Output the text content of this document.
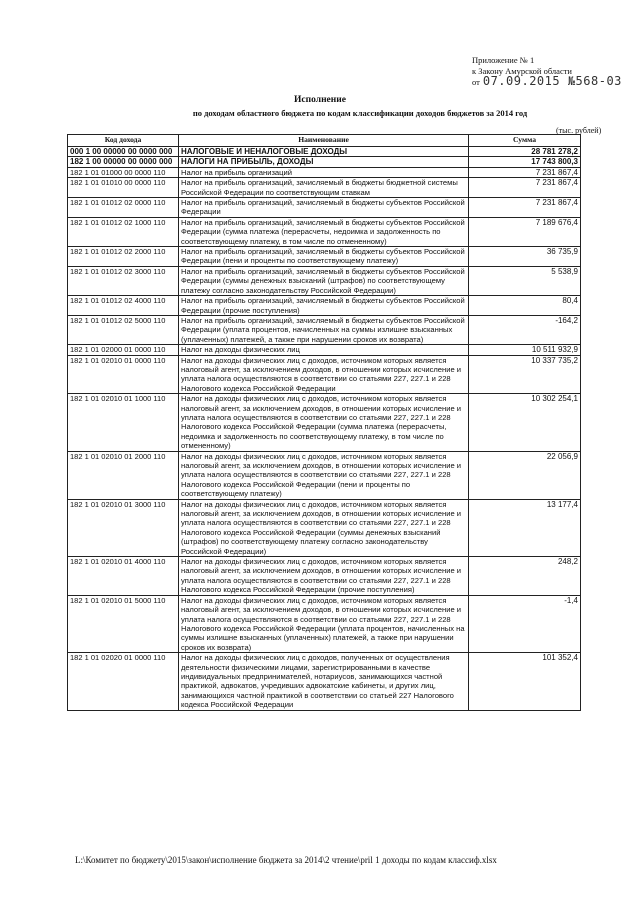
Приложение № 1
к Закону Амурской области
от 07.09.2015 №568-03
Исполнение
по доходам областного бюджета по кодам классификации доходов бюджетов за 2014 год
(тыс. рублей)
Код дохода	Наименование	Сумма
000 1 00 00000 00 0000 000	НАЛОГОВЫЕ И НЕНАЛОГОВЫЕ ДОХОДЫ	28 781 278,2
182 1 00 00000 00 0000 000	НАЛОГИ НА ПРИБЫЛЬ, ДОХОДЫ	17 743 800,3
182 1 01 01000 00 0000 110	Налог на прибыль организаций	7 231 867,4
182 1 01 01010 00 0000 110	Налог на прибыль организаций, зачисляемый в бюджеты бюджетной системы Российской Федерации по соответствующим ставкам	7 231 867,4
182 1 01 01012 02 0000 110	Налог на прибыль организаций, зачисляемый в бюджеты субъектов Российской Федерации	7 231 867,4
182 1 01 01012 02 1000 110	Налог на прибыль организаций, зачисляемый в бюджеты субъектов Российской Федерации (сумма платежа (перерасчеты, недоимка и задолженность по соответствующему платежу, в том числе по отмененному)	7 189 676,4
182 1 01 01012 02 2000 110	Налог на прибыль организаций, зачисляемый в бюджеты субъектов Российской Федерации (пени и проценты по соответствующему платежу)	36 735,9
182 1 01 01012 02 3000 110	Налог на прибыль организаций, зачисляемый в бюджеты субъектов Российской Федерации (суммы денежных взысканий (штрафов) по соответствующему платежу согласно законодательству Российской Федерации)	5 538,9
182 1 01 01012 02 4000 110	Налог на прибыль организаций, зачисляемый в бюджеты субъектов Российской Федерации (прочие поступления)	80,4
182 1 01 01012 02 5000 110	Налог на прибыль организаций, зачисляемый в бюджеты субъектов Российской Федерации (уплата процентов, начисленных на суммы излишне взысканных (уплаченных) платежей, а также при нарушении сроков их возврата)	-164,2
182 1 01 02000 01 0000 110	Налог на доходы физических лиц	10 511 932,9
182 1 01 02010 01 0000 110	Налог на доходы физических лиц с доходов, источником которых является налоговый агент, за исключением доходов, в отношении которых исчисление и уплата налога осуществляются в соответствии со статьями 227, 227.1 и 228 Налогового кодекса Российской Федерации	10 337 735,2
182 1 01 02010 01 1000 110	Налог на доходы физических лиц с доходов, источником которых является налоговый агент, за исключением доходов, в отношении которых исчисление и уплата налога осуществляются в соответствии со статьями 227, 227.1 и 228 Налогового кодекса Российской Федерации (сумма платежа (перерасчеты, недоимка и задолженность по соответствующему платежу, в том числе по отмененному)	10 302 254,1
182 1 01 02010 01 2000 110	Налог на доходы физических лиц с доходов, источником которых является налоговый агент, за исключением доходов, в отношении которых исчисление и уплата налога осуществляются в соответствии со статьями 227, 227.1 и 228 Налогового кодекса Российской Федерации (пени и проценты по соответствующему платежу)	22 056,9
182 1 01 02010 01 3000 110	Налог на доходы физических лиц с доходов, источником которых является налоговый агент, за исключением доходов, в отношении которых исчисление и уплата налога осуществляются в соответствии со статьями 227, 227.1 и 228 Налогового кодекса Российской Федерации (суммы денежных взысканий (штрафов) по соответствующему платежу согласно законодательству Российской Федерации)	13 177,4
182 1 01 02010 01 4000 110	Налог на доходы физических лиц с доходов, источником которых является налоговый агент, за исключением доходов, в отношении которых исчисление и уплата налога осуществляются в соответствии со статьями 227, 227.1 и 228 Налогового кодекса Российской Федерации (прочие поступления)	248,2
182 1 01 02010 01 5000 110	Налог на доходы физических лиц с доходов, источником которых является налоговый агент, за исключением доходов, в отношении которых исчисление и уплата налога осуществляются в соответствии со статьями 227, 227.1 и 228 Налогового кодекса Российской Федерации (уплата процентов, начисленных на суммы излишне взысканных (уплаченных) платежей, а также при нарушении сроков их возврата)	-1,4
182 1 01 02020 01 0000 110	Налог на доходы физических лиц с доходов, полученных от осуществления деятельности физическими лицами, зарегистрированными в качестве индивидуальных предпринимателей, нотариусов, занимающихся частной практикой, адвокатов, учредивших адвокатские кабинеты, и других лиц, занимающихся частной практикой в соответствии со статьей 227 Налогового кодекса Российской Федерации	101 352,4
L:\Комитет по бюджету\2015\закон\исполнение бюджета за 2014\2 чтение\pril 1 доходы по кодам классиф.xlsx
